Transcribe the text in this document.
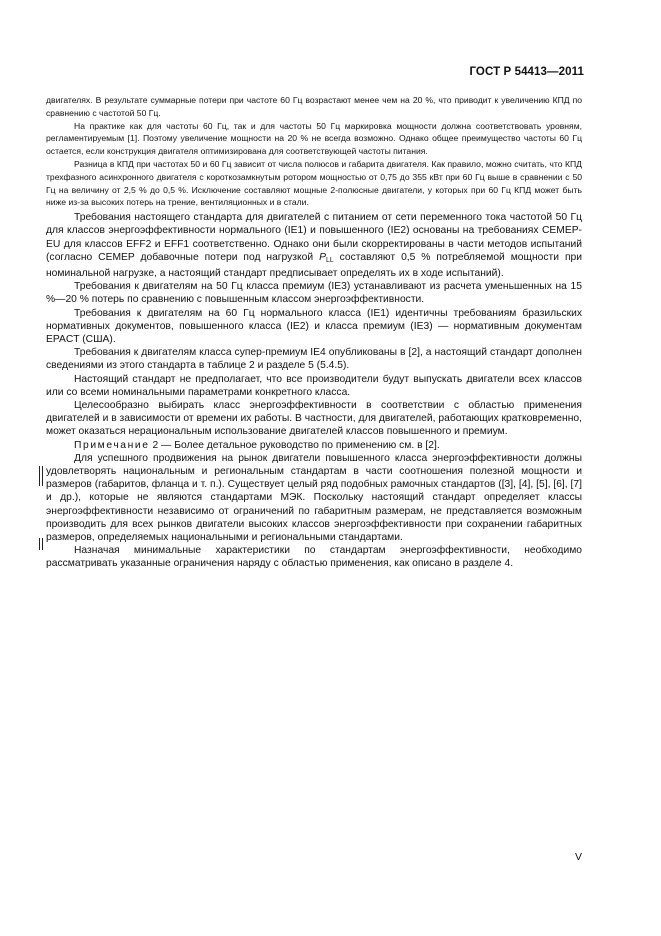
ГОСТ Р 54413—2011

двигателях. В результате суммарные потери при частоте 60 Гц возрастают менее чем на 20 %, что приводит к увеличению КПД по сравнению с частотой 50 Гц.

На практике как для частоты 60 Гц, так и для частоты 50 Гц маркировка мощности должна соответствовать уровням, регламентируемым [1]. Поэтому увеличение мощности на 20 % не всегда возможно. Однако общее преимущество частоты 60 Гц остается, если конструкция двигателя оптимизирована для соответствующей частоты питания.

Разница в КПД при частотах 50 и 60 Гц зависит от числа полюсов и габарита двигателя. Как правило, можно считать, что КПД трехфазного асинхронного двигателя с короткозамкнутым ротором мощностью от 0,75 до 355 кВт при 60 Гц выше в сравнении с 50 Гц на величину от 2,5 % до 0,5 %. Исключение составляют мощные 2-полюсные двигатели, у которых при 60 Гц КПД может быть ниже из-за высоких потерь на трение, вентиляционных и в стали.

Требования настоящего стандарта для двигателей с питанием от сети переменного тока частотой 50 Гц для классов энергоэффективности нормального (IE1) и повышенного (IE2) основаны на требованиях CEMEP-EU для классов EFF2 и EFF1 соответственно. Однако они были скорректированы в части методов испытаний (согласно CEMEP добавочные потери под нагрузкой $P_{LL}$ составляют 0,5 % потребляемой мощности при номинальной нагрузке, а настоящий стандарт предписывает определять их в ходе испытаний).

Требования к двигателям на 50 Гц класса премиум (IE3) устанавливают из расчета уменьшенных на 15 %—20 % потерь по сравнению с повышенным классом энергоэффективности.

Требования к двигателям на 60 Гц нормального класса (IE1) идентичны требованиям бразильских нормативных документов, повышенного класса (IE2) и класса премиум (IE3) — нормативным документам EPACT (США).

Требования к двигателям класса супер-премиум IE4 опубликованы в [2], а настоящий стандарт дополнен сведениями из этого стандарта в таблице 2 и разделе 5 (5.4.5).

Настоящий стандарт не предполагает, что все производители будут выпускать двигатели всех классов или со всеми номинальными параметрами конкретного класса.

Целесообразно выбирать класс энергоэффективности в соответствии с областью применения двигателей и в зависимости от времени их работы. В частности, для двигателей, работающих кратковременно, может оказаться нерациональным использование двигателей классов повышенного и премиум.

Примечание 2 — Более детальное руководство по применению см. в [2].

Для успешного продвижения на рынок двигатели повышенного класса энергоэффективности должны удовлетворять национальным и региональным стандартам в части соотношения полезной мощности и размеров (габаритов, фланца и т. п.). Существует целый ряд подобных рамочных стандартов ([3], [4], [5], [6], [7] и др.), которые не являются стандартами МЭК. Поскольку настоящий стандарт определяет классы энергоэффективности независимо от ограничений по габаритным размерам, не представляется возможным производить для всех рынков двигатели высоких классов энергоэффективности при сохранении габаритных размеров, определяемых национальными и региональными стандартами.

Назначая минимальные характеристики по стандартам энергоэффективности, необходимо рассматривать указанные ограничения наряду с областью применения, как описано в разделе 4.

V
